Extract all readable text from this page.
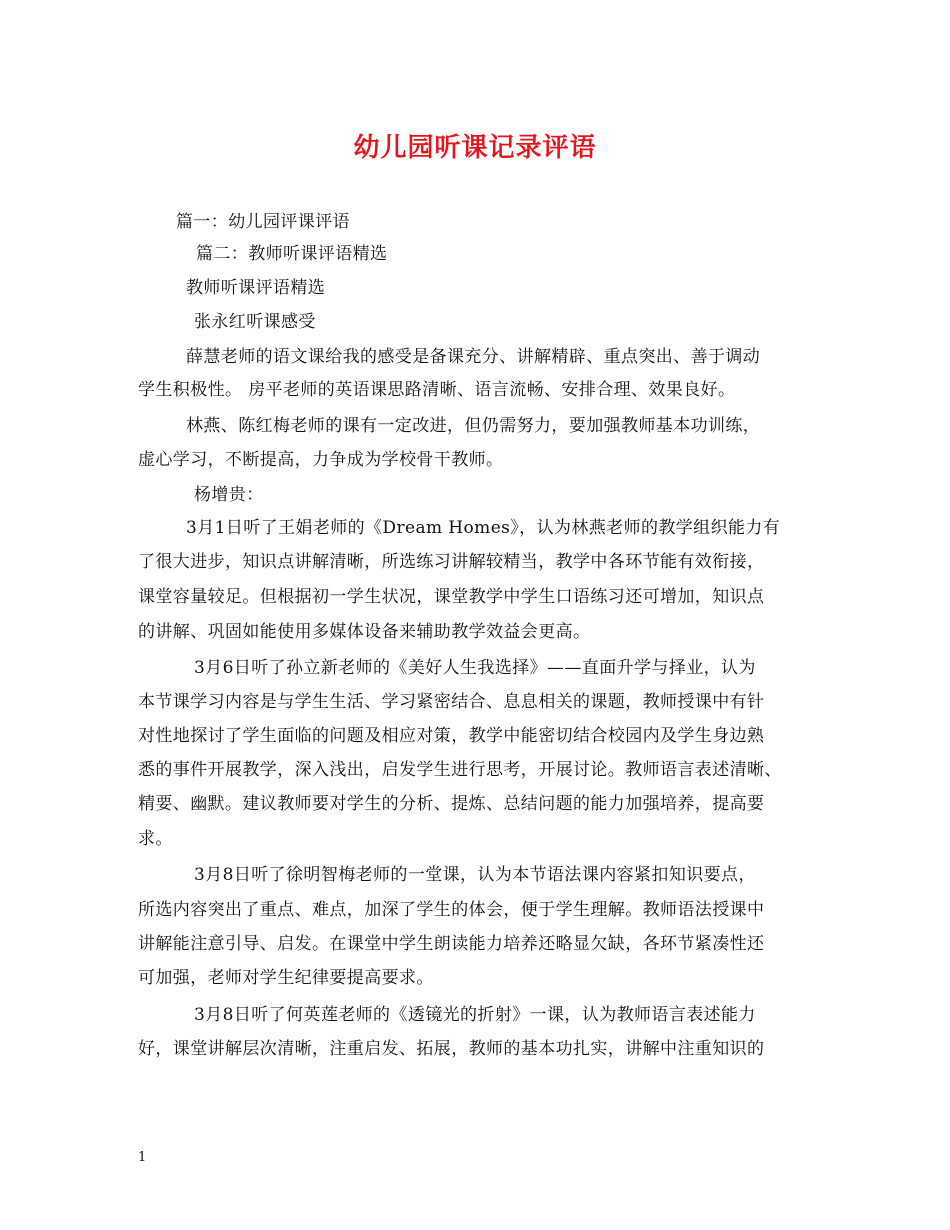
幼儿园听课记录评语
篇一：幼儿园评课评语
篇二：教师听课评语精选
教师听课评语精选
张永红听课感受
薛慧老师的语文课给我的感受是备课充分、讲解精辟、重点突出、善于调动
学生积极性。 房平老师的英语课思路清晰、语言流畅、安排合理、效果良好。
林燕、陈红梅老师的课有一定改进，但仍需努力，要加强教师基本功训练，
虚心学习，不断提高，力争成为学校骨干教师。
杨增贵：
3月1日听了王娟老师的《Dream Homes》，认为林燕老师的教学组织能力有
了很大进步，知识点讲解清晰，所选练习讲解较精当，教学中各环节能有效衔接，
课堂容量较足。但根据初一学生状况，课堂教学中学生口语练习还可增加，知识点
的讲解、巩固如能使用多媒体设备来辅助教学效益会更高。
3月6日听了孙立新老师的《美好人生我选择》——直面升学与择业，认为
本节课学习内容是与学生生活、学习紧密结合、息息相关的课题，教师授课中有针
对性地探讨了学生面临的问题及相应对策，教学中能密切结合校园内及学生身边熟
悉的事件开展教学，深入浅出，启发学生进行思考，开展讨论。教师语言表述清晰、
精要、幽默。建议教师要对学生的分析、提炼、总结问题的能力加强培养，提高要
求。
3月8日听了徐明智梅老师的一堂课，认为本节语法课内容紧扣知识要点，
所选内容突出了重点、难点，加深了学生的体会，便于学生理解。教师语法授课中
讲解能注意引导、启发。在课堂中学生朗读能力培养还略显欠缺，各环节紧凑性还
可加强，老师对学生纪律要提高要求。
3月8日听了何英莲老师的《透镜光的折射》一课，认为教师语言表述能力
好，课堂讲解层次清晰，注重启发、拓展，教师的基本功扎实，讲解中注重知识的
1
